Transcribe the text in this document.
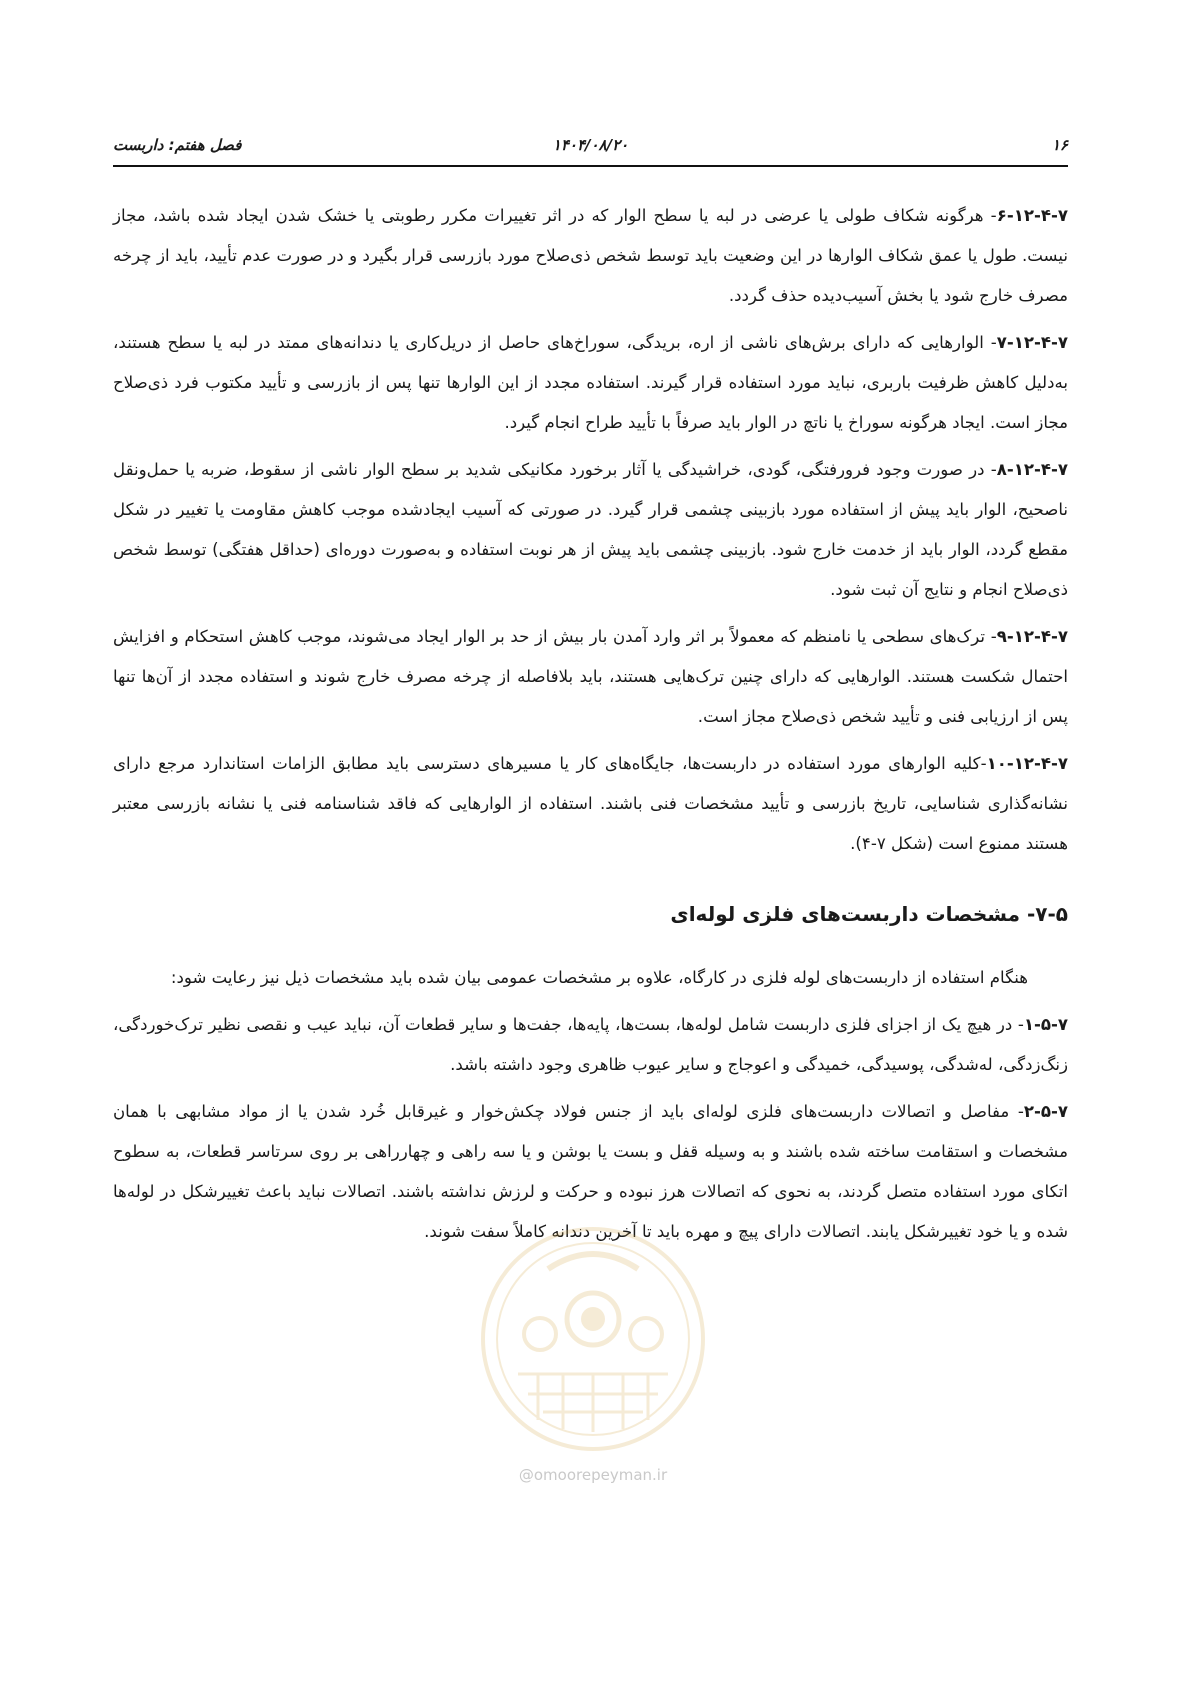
۱۶
۱۴۰۴/۰۸/۲۰
فصل هفتم: داربست

۶-۱۲-۴-۷- هرگونه شکاف طولی یا عرضی در لبه یا سطح الوار که در اثر تغییرات مکرر رطوبتی یا خشک شدن ایجاد شده باشد، مجاز نیست. طول یا عمق شکاف الوارها در این وضعیت باید توسط شخص ذی‌صلاح مورد بازرسی قرار بگیرد و در صورت عدم تأیید، باید از چرخه مصرف خارج شود یا بخش آسیب‌دیده حذف گردد.

۷-۱۲-۴-۷- الوارهایی که دارای برش‌های ناشی از اره، بریدگی، سوراخ‌های حاصل از دریل‌کاری یا دندانه‌های ممتد در لبه یا سطح هستند، به‌دلیل کاهش ظرفیت باربری، نباید مورد استفاده قرار گیرند. استفاده مجدد از این الوارها تنها پس از بازرسی و تأیید مکتوب فرد ذی‌صلاح مجاز است. ایجاد هرگونه سوراخ یا ناتچ در الوار باید صرفاً با تأیید طراح انجام گیرد.

۸-۱۲-۴-۷- در صورت وجود فرورفتگی، گودی، خراشیدگی یا آثار برخورد مکانیکی شدید بر سطح الوار ناشی از سقوط، ضربه یا حمل‌ونقل ناصحیح، الوار باید پیش از استفاده مورد بازبینی چشمی قرار گیرد. در صورتی که آسیب ایجادشده موجب کاهش مقاومت یا تغییر در شکل مقطع گردد، الوار باید از خدمت خارج شود. بازبینی چشمی باید پیش از هر نوبت استفاده و به‌صورت دوره‌ای (حداقل هفتگی) توسط شخص ذی‌صلاح انجام و نتایج آن ثبت شود.

۹-۱۲-۴-۷- ترک‌های سطحی یا نامنظم که معمولاً بر اثر وارد آمدن بار بیش از حد بر الوار ایجاد می‌شوند، موجب کاهش استحکام و افزایش احتمال شکست هستند. الوارهایی که دارای چنین ترک‌هایی هستند، باید بلافاصله از چرخه مصرف خارج شوند و استفاده مجدد از آن‌ها تنها پس از ارزیابی فنی و تأیید شخص ذی‌صلاح مجاز است.

۱۰-۱۲-۴-۷-کلیه الوارهای مورد استفاده در داربست‌ها، جایگاه‌های کار یا مسیرهای دسترسی باید مطابق الزامات استاندارد مرجع دارای نشانه‌گذاری شناسایی، تاریخ بازرسی و تأیید مشخصات فنی باشند. استفاده از الوارهایی که فاقد شناسنامه فنی یا نشانه بازرسی معتبر هستند ممنوع است (شکل ۷-۴).

۷-۵- مشخصات داربست‌های فلزی لوله‌ای

هنگام استفاده از داربست‌های لوله فلزی در کارگاه، علاوه بر مشخصات عمومی بیان شده باید مشخصات ذیل نیز رعایت شود:

۱-۵-۷- در هیچ یک از اجزای فلزی داربست شامل لوله‌ها، بست‌ها، پایه‌ها، جفت‌ها و سایر قطعات آن، نباید عیب و نقصی نظیر ترک‌خوردگی، زنگ‌زدگی، له‌شدگی، پوسیدگی، خمیدگی و اعوجاج و سایر عیوب ظاهری وجود داشته باشد.

۲-۵-۷- مفاصل و اتصالات داربست‌های فلزی لوله‌ای باید از جنس فولاد چکش‌خوار و غیرقابل خُرد شدن یا از مواد مشابهی با همان مشخصات و استقامت ساخته شده باشند و به وسیله قفل و بست یا بوشن و یا سه راهی و چهارراهی بر روی سرتاسر قطعات، به سطوح اتکای مورد استفاده متصل گردند، به نحوی که اتصالات هرز نبوده و حرکت و لرزش نداشته باشند. اتصالات نباید باعث تغییرشکل در لوله‌ها شده و یا خود تغییرشکل یابند. اتصالات دارای پیچ و مهره باید تا آخرین دندانه کاملاً سفت شوند.

@omoorepeyman.ir
